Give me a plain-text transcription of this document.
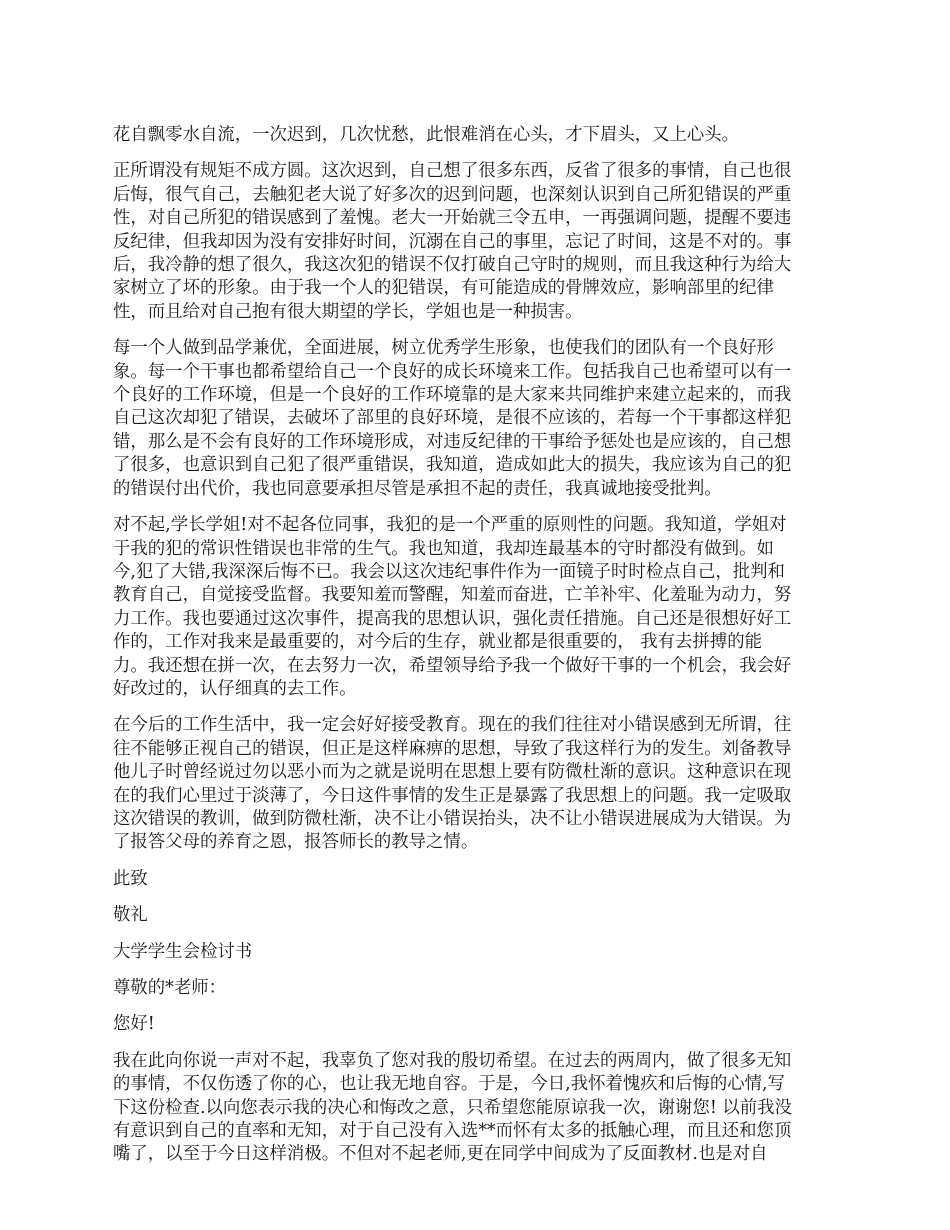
花自飘零水自流，一次迟到，几次忧愁，此恨难消在心头，才下眉头，又上心头。

正所谓没有规矩不成方圆。这次迟到，自己想了很多东西，反省了很多的事情，自己也很
后悔，很气自己，去触犯老大说了好多次的迟到问题，也深刻认识到自己所犯错误的严重
性，对自己所犯的错误感到了羞愧。老大一开始就三令五申，一再强调问题，提醒不要违
反纪律，但我却因为没有安排好时间，沉溺在自己的事里，忘记了时间，这是不对的。事
后，我冷静的想了很久，我这次犯的错误不仅打破自己守时的规则，而且我这种行为给大
家树立了坏的形象。由于我一个人的犯错误，有可能造成的骨牌效应，影响部里的纪律
性，而且给对自己抱有很大期望的学长，学姐也是一种损害。

每一个人做到品学兼优，全面进展，树立优秀学生形象，也使我们的团队有一个良好形
象。每一个干事也都希望给自己一个良好的成长环境来工作。包括我自己也希望可以有一
个良好的工作环境，但是一个良好的工作环境靠的是大家来共同维护来建立起来的，而我
自己这次却犯了错误，去破坏了部里的良好环境，是很不应该的，若每一个干事都这样犯
错，那么是不会有良好的工作环境形成，对违反纪律的干事给予惩处也是应该的，自己想
了很多，也意识到自己犯了很严重错误，我知道，造成如此大的损失，我应该为自己的犯
的错误付出代价，我也同意要承担尽管是承担不起的责任，我真诚地接受批判。

对不起,学长学姐!对不起各位同事，我犯的是一个严重的原则性的问题。我知道，学姐对
于我的犯的常识性错误也非常的生气。我也知道，我却连最基本的守时都没有做到。如
今,犯了大错,我深深后悔不已。我会以这次违纪事件作为一面镜子时时检点自己，批判和
教育自己，自觉接受监督。我要知羞而警醒，知羞而奋进，亡羊补牢、化羞耻为动力，努
力工作。我也要通过这次事件，提高我的思想认识，强化责任措施。自己还是很想好好工
作的，工作对我来是最重要的，对今后的生存，就业都是很重要的， 我有去拼搏的能
力。我还想在拼一次，在去努力一次，希望领导给予我一个做好干事的一个机会，我会好
好改过的，认仔细真的去工作。

在今后的工作生活中，我一定会好好接受教育。现在的我们往往对小错误感到无所谓，往
往不能够正视自己的错误，但正是这样麻痹的思想，导致了我这样行为的发生。刘备教导
他儿子时曾经说过勿以恶小而为之就是说明在思想上要有防微杜渐的意识。这种意识在现
在的我们心里过于淡薄了，今日这件事情的发生正是暴露了我思想上的问题。我一定吸取
这次错误的教训，做到防微杜渐，决不让小错误抬头，决不让小错误进展成为大错误。为
了报答父母的养育之恩，报答师长的教导之情。

此致

敬礼

大学学生会检讨书

尊敬的*老师：

您好!

我在此向你说一声对不起，我辜负了您对我的殷切希望。在过去的两周内，做了很多无知
的事情，不仅伤透了你的心，也让我无地自容。于是，今日,我怀着愧疚和后悔的心情,写
下这份检查.以向您表示我的决心和悔改之意，只希望您能原谅我一次，谢谢您! 以前我没
有意识到自己的直率和无知，对于自己没有入选**而怀有太多的抵触心理，而且还和您顶
嘴了，以至于今日这样消极。不但对不起老师,更在同学中间成为了反面教材.也是对自
